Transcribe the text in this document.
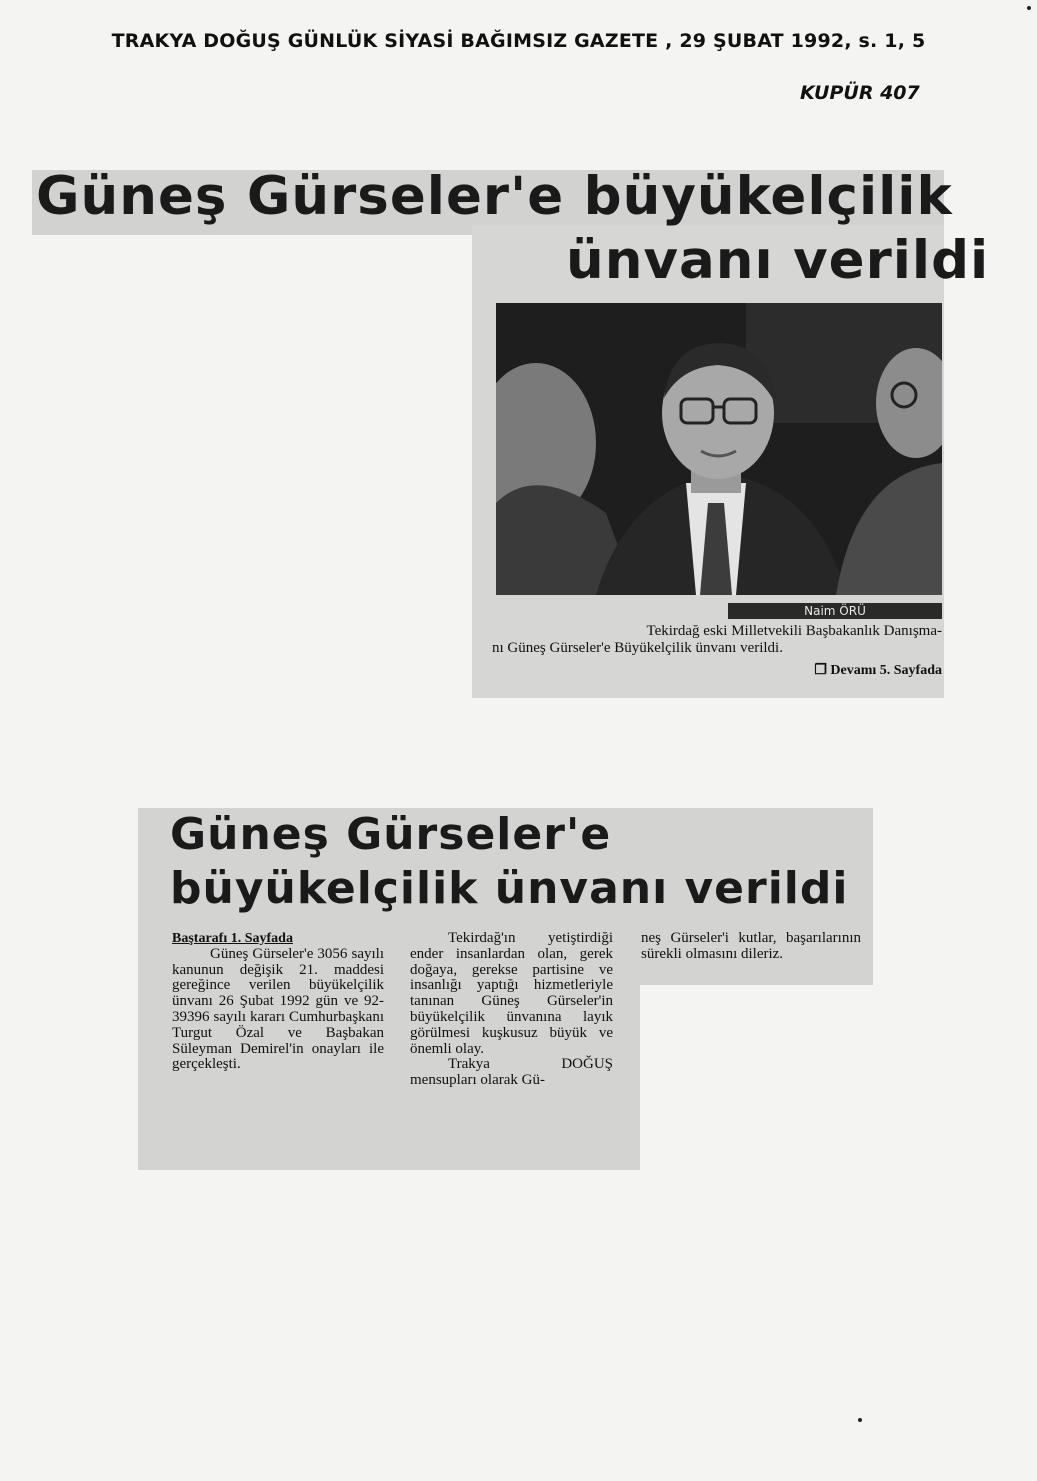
TRAKYA DOĞUŞ GÜNLÜK SİYASİ BAĞIMSIZ GAZETE , 29 ŞUBAT 1992, s. 1, 5
KUPÜR 407
Güneş Gürseler'e büyükelçilik
ünvanı verildi
Naim ÖRÜ
Tekirdağ eski Milletvekili Başbakanlık Danışma-
nı Güneş Gürseler'e Büyükelçilik ünvanı verildi.
❐ Devamı 5. Sayfada
Güneş Gürseler'e
büyükelçilik ünvanı verildi
Baştarafı 1. Sayfada
Güneş Gürseler'e 3056 sayılı kanunun değişik 21. maddesi gereğince verilen büyükelçilik ünvanı 26 Şubat 1992 gün ve 92-39396 sayılı kararı Cumhurbaşkanı Turgut Özal ve Başbakan Süleyman Demirel'in onayları ile gerçekleşti.
Tekirdağ'ın yetiştirdiği ender insanlardan olan, gerek doğaya, gerekse partisine ve insanlığı yaptığı hizmetleriyle tanınan Güneş Gürseler'in büyükelçilik ünvanına layık görülmesi kuşkusuz büyük ve önemli olay.
Trakya DOĞUŞ mensupları olarak Gü-
neş Gürseler'i kutlar, başarılarının sürekli olmasını dileriz.
